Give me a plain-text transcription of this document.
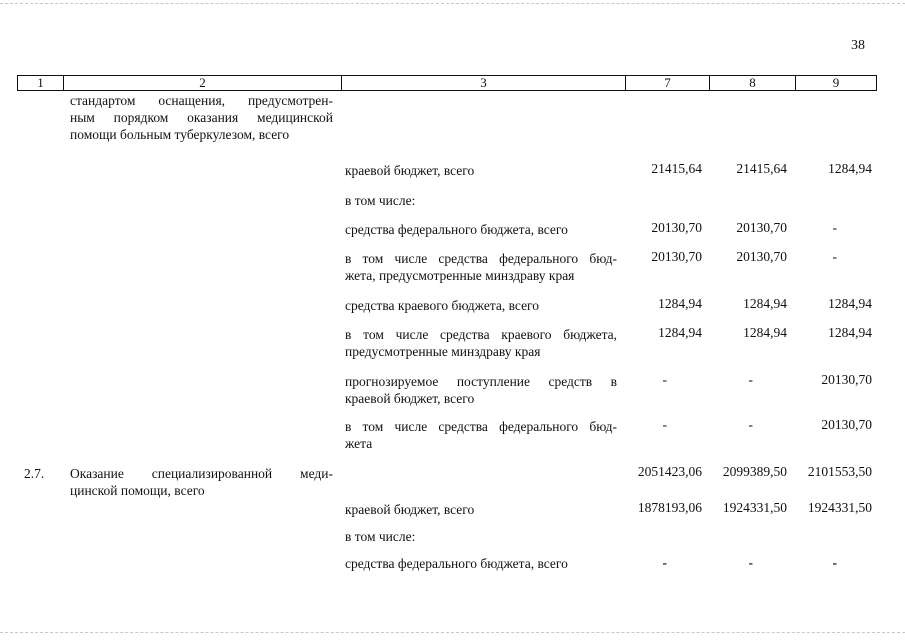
38
1	2	3	7	8	9
стандартом оснащения, предусмотрен-
ным порядком оказания медицинской
помощи больным туберкулезом, всего
краевой бюджет, всего	21415,64	21415,64	1284,94
в том числе:
средства федерального бюджета, всего	20130,70	20130,70	-
в том числе средства федерального бюд-
жета, предусмотренные минздраву края
20130,70	20130,70	-
средства краевого бюджета, всего	1284,94	1284,94	1284,94
в том числе средства краевого бюджета,
предусмотренные минздраву края
1284,94	1284,94	1284,94
прогнозируемое поступление средств в
краевой бюджет, всего
-	-	20130,70
в том числе средства федерального бюд-
жета
-	-	20130,70
2.7. Оказание специализированной меди-
цинской помощи, всего
2051423,06 2099389,50 2101553,50
краевой бюджет, всего	1878193,06 1924331,50 1924331,50
в том числе:
средства федерального бюджета, всего	-	-	-
